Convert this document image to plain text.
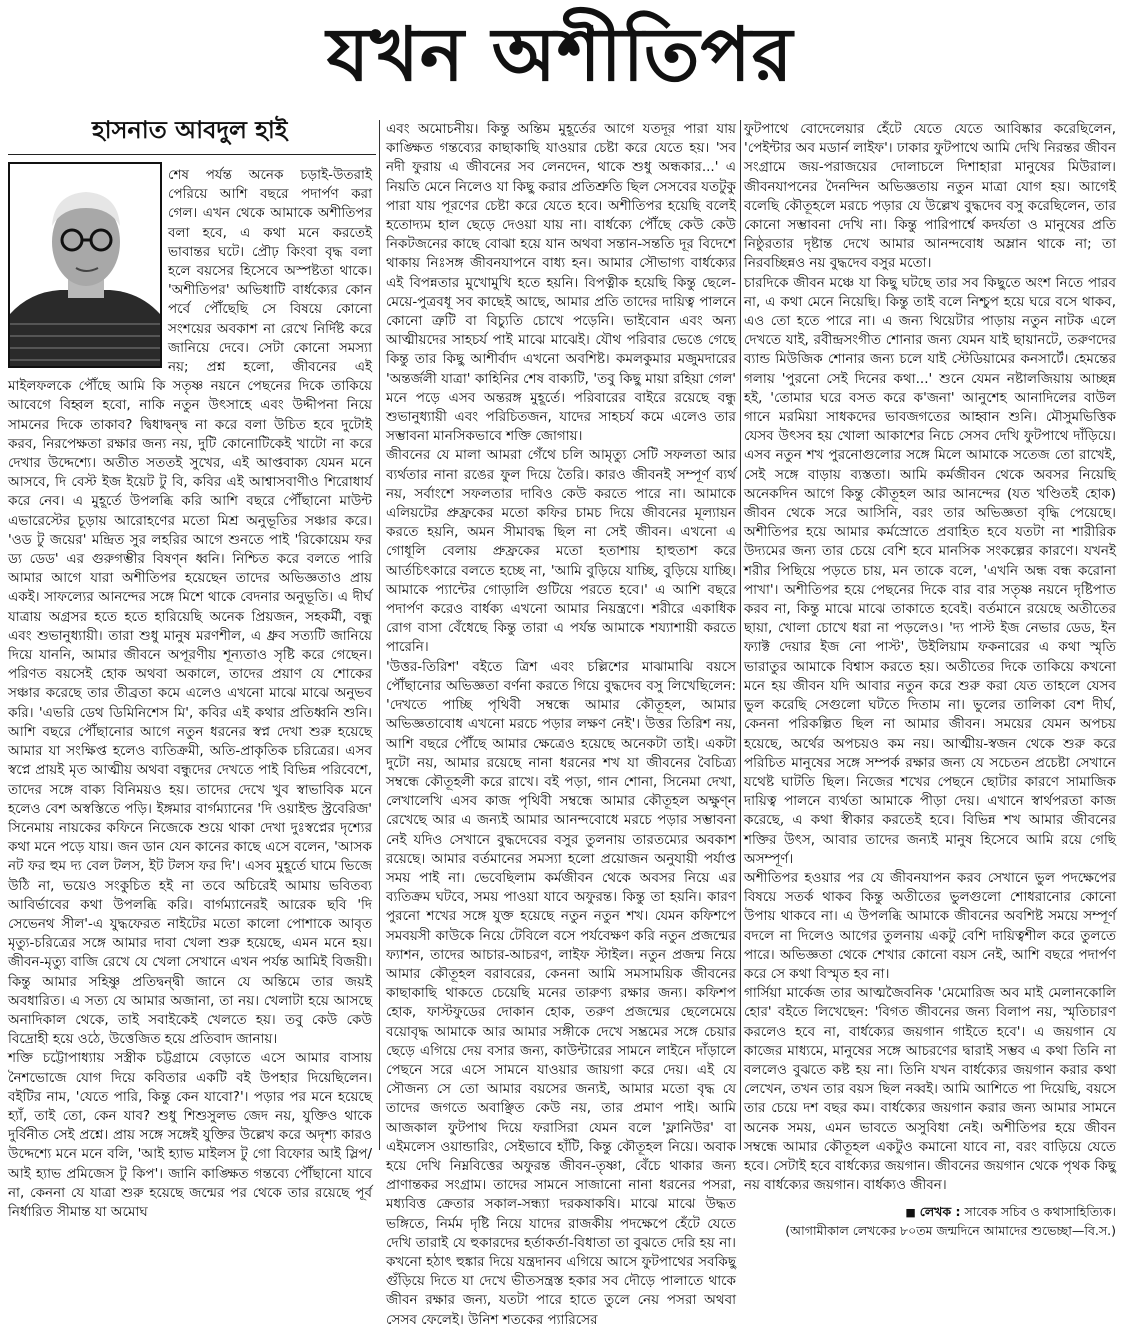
যখন অশীতিপর
হাসনাত আবদুল হাই

শেষ পর্যন্ত অনেক চড়াই-উতরাই পেরিয়ে আশি বছরে পদার্পণ করা গেল। এখন থেকে আমাকে অশীতিপর বলা হবে, এ কথা মনে করতেই ভাবান্তর ঘটে। প্রৌঢ় কিংবা বৃদ্ধ বলা হলে বয়সের হিসেবে অস্পষ্টতা থাকে। 'অশীতিপর' অভিধাটি বার্ধক্যের কোন পর্বে পৌঁছেছি সে বিষয়ে কোনো সংশয়ের অবকাশ না রেখে নির্দিষ্ট করে জানিয়ে দেবে। সেটা কোনো সমস্যা নয়; প্রশ্ন হলো, জীবনের এই মাইলফলকে পৌঁছে আমি কি সতৃষ্ণ নয়নে পেছনের দিকে তাকিয়ে আবেগে বিহ্বল হবো, নাকি নতুন উৎসাহে এবং উদ্দীপনা নিয়ে সামনের দিকে তাকাব? দ্বিধাদ্বন্দ্ব না করে বলা উচিত হবে দুটোই করব, নিরপেক্ষতা রক্ষার জন্য নয়, দুটি কোনোটিকেই খাটো না করে দেখার উদ্দেশ্যে। অতীত সততই সুখের, এই আপ্তবাক্য যেমন মনে আসবে, দি বেস্ট ইজ ইয়েট টু বি, কবির এই আশ্বাসবাণীও শিরোধার্য করে নেব। এ মুহূর্তে উপলব্ধি করি আশি বছরে পৌঁছানো মাউন্ট এভারেস্টের চূড়ায় আরোহণের মতো মিশ্র অনুভূতির সঞ্চার করে। 'ওড টু জয়ের' মন্দ্রিত সুর লহরির আগে শুনতে পাই 'রিকোয়েম ফর ড্য ডেড' এর গুরুগম্ভীর বিষণ্ন ধ্বনি। নিশ্চিত করে বলতে পারি আমার আগে যারা অশীতিপর হয়েছেন তাদের অভিজ্ঞতাও প্রায় একই। সাফল্যের আনন্দের সঙ্গে মিশে থাকে বেদনার অনুভূতি। এ দীর্ঘ যাত্রায় অগ্রসর হতে হতে হারিয়েছি অনেক প্রিয়জন, সহকর্মী, বন্ধু এবং শুভানুধ্যায়ী। তারা শুধু মানুষ মরণশীল, এ ধ্রুব সত্যটি জানিয়ে দিয়ে যাননি, আমার জীবনে অপূরণীয় শূন্যতাও সৃষ্টি করে গেছেন। পরিণত বয়সেই হোক অথবা অকালে, তাদের প্রয়াণ যে শোকের সঞ্চার করেছে তার তীব্রতা কমে এলেও এখনো মাঝে মাঝে অনুভব করি। 'এভরি ডেথ ডিমিনিশেস মি', কবির এই কথার প্রতিধ্বনি শুনি। আশি বছরে পৌঁছানোর আগে নতুন ধরনের স্বপ্ন দেখা শুরু হয়েছে আমার যা সংক্ষিপ্ত হলেও ব্যতিক্রমী, অতি-প্রাকৃতিক চরিত্রের। এসব স্বপ্নে প্রায়ই মৃত আত্মীয় অথবা বন্ধুদের দেখতে পাই বিভিন্ন পরিবেশে, তাদের সঙ্গে বাক্য বিনিময়ও হয়। তাদের দেখে খুব স্বাভাবিক মনে হলেও বেশ অস্বস্তিতে পড়ি। ইঙ্গমার বার্গম্যানের 'দি ওয়াইল্ড স্ট্রবেরিজ' সিনেমায় নায়কের কফিনে নিজেকে শুয়ে থাকা দেখা দুঃস্বপ্নের দৃশ্যের কথা মনে পড়ে যায়। জন ডান যেন কানের কাছে এসে বলেন, 'আসক নট ফর হুম দ্য বেল টলস, ইট টলস ফর দি'। এসব মুহূর্তে ঘামে ভিজে উঠি না, ভয়েও সংকুচিত হই না তবে অচিরেই আমায় ভবিতব্য আবির্ভাবের কথা উপলব্ধি করি। বার্গম্যানেরই আরেক ছবি 'দি সেভেনথ সীল'-এ যুদ্ধফেরত নাইটের মতো কালো পোশাকে আবৃত মৃত্যু-চরিত্রের সঙ্গে আমার দাবা খেলা শুরু হয়েছে, এমন মনে হয়। জীবন-মৃত্যু বাজি রেখে যে খেলা সেখানে এখন পর্যন্ত আমিই বিজয়ী। কিন্তু আমার সহিষ্ণু প্রতিদ্বন্দ্বী জানে যে অন্তিমে তার জয়ই অবধারিত। এ সত্য যে আমার অজানা, তা নয়। খেলাটা হয়ে আসছে অনাদিকাল থেকে, তাই সবাইকেই খেলতে হয়। তবু কেউ কেউ বিদ্রোহী হয়ে ওঠে, উত্তেজিত হয়ে প্রতিবাদ জানায়।

শক্তি চট্টোপাধ্যায় সস্ত্রীক চট্টগ্রামে বেড়াতে এসে আমার বাসায় নৈশভোজে যোগ দিয়ে কবিতার একটি বই উপহার দিয়েছিলেন। বইটির নাম, 'যেতে পারি, কিন্তু কেন যাবো?'। পড়ার পর মনে হয়েছে হ্যাঁ, তাই তো, কেন যাব? শুধু শিশুসুলভ জেদ নয়, যুক্তিও থাকে দুর্বিনীত সেই প্রশ্নে। প্রায় সঙ্গে সঙ্গেই যুক্তির উল্লেখ করে অদৃশ্য কারও উদ্দেশ্যে মনে মনে বলি, 'আই হ্যাভ মাইলস টু গো বিফোর আই স্লিপ/আই হ্যাভ প্রমিজেস টু কিপ'। জানি কাঙ্ক্ষিত গন্তব্যে পৌঁছানো যাবে না, কেননা যে যাত্রা শুরু হয়েছে জন্মের পর থেকে তার রয়েছে পূর্ব নির্ধারিত সীমান্ত যা অমোঘ

এবং অমোচনীয়। কিন্তু অন্তিম মুহূর্তের আগে যতদূর পারা যায় কাঙ্ক্ষিত গন্তব্যের কাছাকাছি যাওয়ার চেষ্টা করে যেতে হয়। 'সব নদী ফুরায় এ জীবনের সব লেনদেন, থাকে শুধু অন্ধকার...' এ নিয়তি মেনে নিলেও যা কিছু করার প্রতিশ্রুতি ছিল সেসবের যতটুকু পারা যায় পূরণের চেষ্টা করে যেতে হবে। অশীতিপর হয়েছি বলেই হতোদ্যম হাল ছেড়ে দেওয়া যায় না। বার্ধক্যে পৌঁছে কেউ কেউ নিকটজনের কাছে বোঝা হয়ে যান অথবা সন্তান-সন্ততি দূর বিদেশে থাকায় নিঃসঙ্গ জীবনযাপনে বাধ্য হন। আমার সৌভাগ্য বার্ধক্যের এই বিপন্নতার মুখোমুখি হতে হয়নি। বিপত্নীক হয়েছি কিন্তু ছেলে-মেয়ে-পুত্রবধূ সব কাছেই আছে, আমার প্রতি তাদের দায়িত্ব পালনে কোনো ত্রুটি বা বিচ্যুতি চোখে পড়েনি। ভাইবোন এবং অন্য আত্মীয়দের সাহচর্য পাই মাঝে মাঝেই। যৌথ পরিবার ভেঙে গেছে কিন্তু তার কিছু আশীর্বাদ এখনো অবশিষ্ট। কমলকুমার মজুমদারের 'অন্তর্জলী যাত্রা' কাহিনির শেষ বাক্যটি, 'তবু কিছু মায়া রহিয়া গেল' মনে পড়ে এসব অন্তরঙ্গ মুহূর্তে। পরিবারের বাইরে রয়েছে বন্ধু শুভানুধ্যায়ী এবং পরিচিতজন, যাদের সাহচর্য কমে এলেও তার সম্ভাবনা মানসিকভাবে শক্তি জোগায়।

জীবনের যে মালা আমরা গেঁথে চলি আমৃত্যু সেটি সফলতা আর ব্যর্থতার নানা রঙের ফুল দিয়ে তৈরি। কারও জীবনই সম্পূর্ণ ব্যর্থ নয়, সর্বাংশে সফলতার দাবিও কেউ করতে পারে না। আমাকে এলিয়টের প্রুফ্রকের মতো কফির চামচ দিয়ে জীবনের মূল্যায়ন করতে হয়নি, অমন সীমাবদ্ধ ছিল না সেই জীবন। এখনো এ গোধূলি বেলায় প্রুফ্রকের মতো হতাশায় হাহুতাশ করে আর্তচিৎকারে বলতে হচ্ছে না, 'আমি বুড়িয়ে যাচ্ছি, বুড়িয়ে যাচ্ছি। আমাকে প্যান্টের গোড়ালি গুটিয়ে পরতে হবে।' এ আশি বছরে পদার্পণ করেও বার্ধক্য এখনো আমার নিয়ন্ত্রণে। শরীরে একাধিক রোগ বাসা বেঁধেছে কিন্তু তারা এ পর্যন্ত আমাকে শয্যাশায়ী করতে পারেনি।

'উত্তর-তিরিশ' বইতে ত্রিশ এবং চল্লিশের মাঝামাঝি বয়সে পৌঁছানোর অভিজ্ঞতা বর্ণনা করতে গিয়ে বুদ্ধদেব বসু লিখেছিলেন: 'দেখতে পাচ্ছি পৃথিবী সম্বন্ধে আমার কৌতূহল, আমার অভিজ্ঞতাবোধ এখনো মরচে পড়ার লক্ষণ নেই'। উত্তর তিরিশ নয়, আশি বছরে পৌঁছে আমার ক্ষেত্রেও হয়েছে অনেকটা তাই। একটা দুটো নয়, আমার রয়েছে নানা ধরনের শখ যা জীবনের বৈচিত্র্য সম্বন্ধে কৌতূহলী করে রাখে। বই পড়া, গান শোনা, সিনেমা দেখা, লেখালেখি এসব কাজ পৃথিবী সম্বন্ধে আমার কৌতূহল অক্ষুণ্ন রেখেছে আর এ জন্যই আমার আনন্দবোধে মরচে পড়ার সম্ভাবনা নেই যদিও সেখানে বুদ্ধদেবের বসুর তুলনায় তারতম্যের অবকাশ রয়েছে। আমার বর্তমানের সমস্যা হলো প্রয়োজন অনুযায়ী পর্যাপ্ত সময় পাই না। ভেবেছিলাম কর্মজীবন থেকে অবসর নিয়ে এর ব্যতিক্রম ঘটবে, সময় পাওয়া যাবে অফুরন্ত। কিন্তু তা হয়নি। কারণ পুরনো শখের সঙ্গে যুক্ত হয়েছে নতুন নতুন শখ। যেমন কফিশপে সমবয়সী কাউকে নিয়ে টেবিলে বসে পর্যবেক্ষণ করি নতুন প্রজন্মের ফ্যাশন, তাদের আচার-আচরণ, লাইফ স্টাইল। নতুন প্রজন্ম নিয়ে আমার কৌতূহল বরাবরের, কেননা আমি সমসাময়িক জীবনের কাছাকাছি থাকতে চেয়েছি মনের তারুণ্য রক্ষার জন্য। কফিশপ হোক, ফাস্টফুডের দোকান হোক, তরুণ প্রজন্মের ছেলেমেয়ে বয়োবৃদ্ধ আমাকে আর আমার সঙ্গীকে দেখে সম্ভ্রমের সঙ্গে চেয়ার ছেড়ে এগিয়ে দেয় বসার জন্য, কাউন্টারের সামনে লাইনে দাঁড়ালে পেছনে সরে এসে সামনে যাওয়ার জায়গা করে দেয়। এই যে সৌজন্য সে তো আমার বয়সের জন্যই, আমার মতো বৃদ্ধ যে তাদের জগতে অবাঞ্ছিত কেউ নয়, তার প্রমাণ পাই। আমি আজকাল ফুটপাথ দিয়ে ফরাসিরা যেমন বলে 'ফ্লানিউর' বা এইমলেস ওয়ান্ডারিং, সেইভাবে হাঁটি, কিন্তু কৌতূহল নিয়ে। অবাক হয়ে দেখি নিম্নবিত্তের অফুরন্ত জীবন-তৃষ্ণা, বেঁচে থাকার জন্য প্রাণান্তকর সংগ্রাম। তাদের সামনে সাজানো নানা ধরনের পসরা, মধ্যবিত্ত ক্রেতার সকাল-সন্ধ্যা দরকষাকষি। মাঝে মাঝে উদ্ধত ভঙ্গিতে, নির্মম দৃষ্টি নিয়ে যাদের রাজকীয় পদক্ষেপে হেঁটে যেতে দেখি তারাই যে হুকারদের হর্তাকর্তা-বিধাতা তা বুঝতে দেরি হয় না। কখনো হঠাৎ হুঙ্কার দিয়ে যন্ত্রদানব এগিয়ে আসে ফুটপাথের সবকিছু গুঁড়িয়ে দিতে যা দেখে ভীতসন্ত্রস্ত হকার সব দৌড়ে পালাতে থাকে জীবন রক্ষার জন্য, যতটা পারে হাতে তুলে নেয় পসরা অথবা সেসব ফেলেই। উনিশ শতকের প্যারিসের

ফুটপাথে বোদেলেয়ার হেঁটে যেতে যেতে আবিষ্কার করেছিলেন, 'পেইন্টার অব মডার্ন লাইফ'। ঢাকার ফুটপাথে আমি দেখি নিরন্তর জীবন সংগ্রামে জয়-পরাজয়ের দোলাচলে দিশাহারা মানুষের মিউরাল। জীবনযাপনের দৈনন্দিন অভিজ্ঞতায় নতুন মাত্রা যোগ হয়। আগেই বলেছি কৌতূহলে মরচে পড়ার যে উল্লেখ বুদ্ধদেব বসু করেছিলেন, তার কোনো সম্ভাবনা দেখি না। কিন্তু পারিপার্শ্বে কদর্যতা ও মানুষের প্রতি নিষ্ঠুরতার দৃষ্টান্ত দেখে আমার আনন্দবোধ অম্লান থাকে না; তা নিরবচ্ছিন্নও নয় বুদ্ধদেব বসুর মতো।

চারদিকে জীবন মঞ্চে যা কিছু ঘটছে তার সব কিছুতে অংশ নিতে পারব না, এ কথা মেনে নিয়েছি। কিন্তু তাই বলে নিশ্চুপ হয়ে ঘরে বসে থাকব, এও তো হতে পারে না। এ জন্য থিয়েটার পাড়ায় নতুন নাটক এলে দেখতে যাই, রবীন্দ্রসংগীত শোনার জন্য যেমন যাই ছায়ানটে, তরুণদের ব্যান্ড মিউজিক শোনার জন্য চলে যাই স্টেডিয়ামের কনসার্টে। হেমন্তের গলায় 'পুরনো সেই দিনের কথা...' শুনে যেমন নষ্টালজিয়ায় আচ্ছন্ন হই, 'তোমার ঘরে বসত করে ক'জনা' আনুশেহ আনাদিলের বাউল গানে মরমিয়া সাধকদের ভাবজগতের আহ্বান শুনি। মৌসুমভিত্তিক যেসব উৎসব হয় খোলা আকাশের নিচে সেসব দেখি ফুটপাথে দাঁড়িয়ে। এসব নতুন শখ পুরনোগুলোর সঙ্গে মিলে আমাকে সতেজ তো রাখেই, সেই সঙ্গে বাড়ায় ব্যস্ততা। আমি কর্মজীবন থেকে অবসর নিয়েছি অনেকদিন আগে কিন্তু কৌতূহল আর আনন্দের (যত খণ্ডিতই হোক) জীবন থেকে সরে আসিনি, বরং তার অভিজ্ঞতা বৃদ্ধি পেয়েছে। অশীতিপর হয়ে আমার কর্মস্রোতে প্রবাহিত হবে যতটা না শারীরিক উদ্যমের জন্য তার চেয়ে বেশি হবে মানসিক সংকল্পের কারণে। যখনই শরীর পিছিয়ে পড়তে চায়, মন তাকে বলে, 'এখনি অন্ধ বন্ধ করোনা পাখা'। অশীতিপর হয়ে পেছনের দিকে বার বার সতৃষ্ণ নয়নে দৃষ্টিপাত করব না, কিন্তু মাঝে মাঝে তাকাতে হবেই। বর্তমানে রয়েছে অতীতের ছায়া, খোলা চোখে ধরা না পড়লেও। 'দ্য পাস্ট ইজ নেভার ডেড, ইন ফ্যাক্ট দেয়ার ইজ নো পাস্ট', উইলিয়াম ফকনারের এ কথা স্মৃতি ভারাতুর আমাকে বিশ্বাস করতে হয়। অতীতের দিকে তাকিয়ে কখনো মনে হয় জীবন যদি আবার নতুন করে শুরু করা যেত তাহলে যেসব ভুল করেছি সেগুলো ঘটতে দিতাম না। ভুলের তালিকা বেশ দীর্ঘ, কেননা পরিকল্পিত ছিল না আমার জীবন। সময়ের যেমন অপচয় হয়েছে, অর্থের অপচয়ও কম নয়। আত্মীয়-স্বজন থেকে শুরু করে পরিচিত মানুষের সঙ্গে সম্পর্ক রক্ষার জন্য যে সচেতন প্রচেষ্টা সেখানে যথেষ্ট ঘাটতি ছিল। নিজের শখের পেছনে ছোটার কারণে সামাজিক দায়িত্ব পালনে ব্যর্থতা আমাকে পীড়া দেয়। এখানে স্বার্থপরতা কাজ করেছে, এ কথা স্বীকার করতেই হবে। বিভিন্ন শখ আমার জীবনের শক্তির উৎস, আবার তাদের জন্যই মানুষ হিসেবে আমি রয়ে গেছি অসম্পূর্ণ।

অশীতিপর হওয়ার পর যে জীবনযাপন করব সেখানে ভুল পদক্ষেপের বিষয়ে সতর্ক থাকব কিন্তু অতীতের ভুলগুলো শোধরানোর কোনো উপায় থাকবে না। এ উপলব্ধি আমাকে জীবনের অবশিষ্ট সময়ে সম্পূর্ণ বদলে না দিলেও আগের তুলনায় একটু বেশি দায়িত্বশীল করে তুলতে পারে। অভিজ্ঞতা থেকে শেখার কোনো বয়স নেই, আশি বছরে পদার্পণ করে সে কথা বিস্মৃত হব না।

গার্সিয়া মার্কেজ তার আত্মজৈবনিক 'মেমোরিজ অব মাই মেলানকোলি হোর' বইতে লিখেছেন: 'বিগত জীবনের জন্য বিলাপ নয়, স্মৃতিচারণ করলেও হবে না, বার্ধক্যের জয়গান গাইতে হবে'। এ জয়গান যে কাজের মাধ্যমে, মানুষের সঙ্গে আচরণের দ্বারাই সম্ভব এ কথা তিনি না বললেও বুঝতে কষ্ট হয় না। তিনি যখন বার্ধক্যের জয়গান করার কথা লেখেন, তখন তার বয়স ছিল নব্বই। আমি আশিতে পা দিয়েছি, বয়সে তার চেয়ে দশ বছর কম। বার্ধক্যের জয়গান করার জন্য আমার সামনে অনেক সময়, এমন ভাবতে অসুবিধা নেই। অশীতিপর হয়ে জীবন সম্বন্ধে আমার কৌতূহল একটুও কমানো যাবে না, বরং বাড়িয়ে যেতে হবে। সেটাই হবে বার্ধক্যের জয়গান। জীবনের জয়গান থেকে পৃথক কিছু নয় বার্ধক্যের জয়গান। বার্ধক্যও জীবন।

■ লেখক : সাবেক সচিব ও কথাসাহিত্যিক।
(আগামীকাল লেখকের ৮০তম জন্মদিনে আমাদের শুভেচ্ছা—বি.স.)
